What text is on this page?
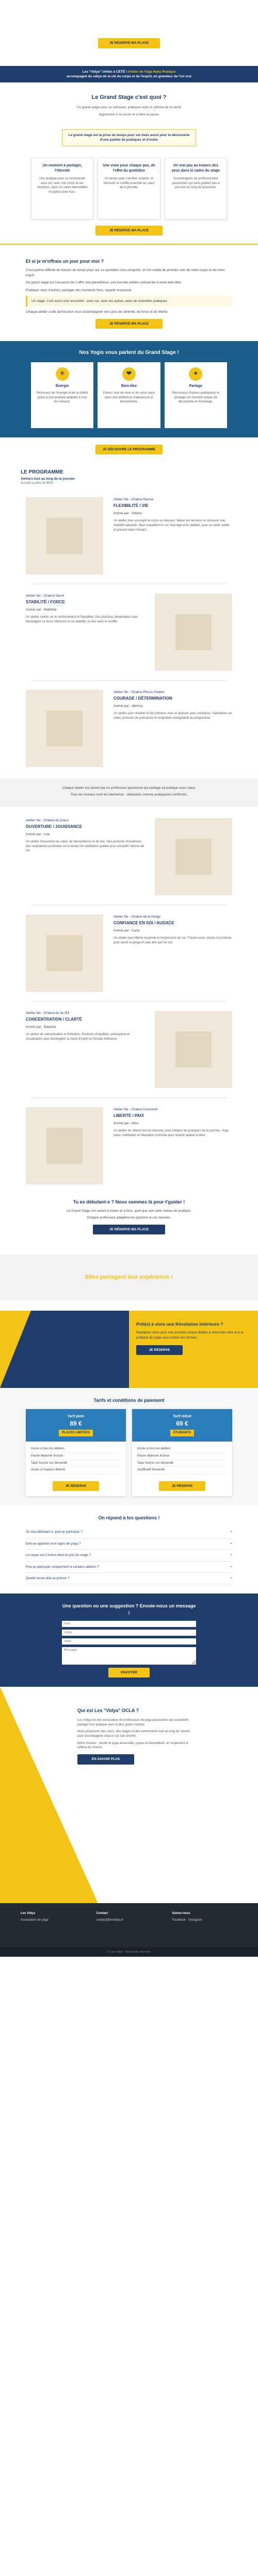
Un jour à soi pour Être
À PARAÎTRE
Le Grand Stage
JE RÉSERVE MA PLACE
Les "Vidya" Unités à CÉTÉ ! Atelier de Yoga Haha Pratique
accompagné du rallye de la clé du corps et de l'esprit, en grandeur de l'un vrai
Le Grand Stage c'est quoi ?

Un grand stage pour se retrouver, pratiquer avec le rythme de la vérité

Apprendre à se poser et à faire la pause

Le grand stage est la prise de temps pour soi mais aussi pour la découverte d'une palette de pratiques et d'outils
Un moment à partager, l'éternité

Une pratique pour se reconnecter avec soi, avec son corps et ses émotions, dans un cadre bienveillant et joyeux pour tous.

Une vraie pour chaque pas, de l'effet du quotidien

Un temps pour s'arrêter, respirer, et retrouver le souffle essentiel au cœur de la journée.

Un vrai pas au travers des yeux dans le cadre du stage

Accompagnés de professionnels passionnés qui vous guident pas à pas tout au long de la journée.

JE RÉSERVE MA PLACE
Et si je m'offrais un jour pour moi ?

C'est parfois difficile de trouver du temps pour soi. Le quotidien nous emporte, et l'on oublie de prendre soin de notre corps et de notre esprit.

Ce grand stage est l'occasion de s'offrir une parenthèse, une journée entière consacrée à votre bien-être.

Pratiquer avec d'autres, partager des moments forts, repartir ressourcé.

Un stage, c'est aussi une rencontre : avec soi, avec les autres, avec de nouvelles pratiques.

Chaque atelier a été pensé pour vous accompagner vers plus de sérénité, de force et de liberté.

JE RÉSERVE MA PLACE
Nos Yogis vous parlent du Grand Stage !
☀
Énergie

Retrouvez de l'énergie et de la vitalité grâce à une pratique adaptée à tous les niveaux.

❤
Bien-être

Prenez soin de vous et de votre corps dans une ambiance chaleureuse et bienveillante.

✦
Partage

Rencontrez d'autres pratiquants et partagez un moment unique de découverte et d'échange.

JE DÉCOUVRE LE PROGRAMME
LE PROGRAMME
Ateliers tout au long de la journée
Accueil à partir de 9h00
Atelier No - Chakra Racine
FLEXIBILITÉ / VIE
Animé par : Solène

Un atelier pour assouplir le corps en douceur, libérer les tensions et retrouver une mobilité naturelle. Nous travaillerons sur l'ancrage et la stabilité, pour se sentir solide et présent dans l'instant.

Atelier No - Chakra Sacré
STABILITÉ / FORCE
Animé par : Mathilde

Un atelier centré sur le renforcement et l'équilibre. Des postures dynamiques pour développer sa force intérieure et sa stabilité, en lien avec le souffle.

Atelier No - Chakra Plexus Solaire
COURAGE / DÉTERMINATION
Animé par : Jérémy

Un atelier pour réveiller le feu intérieur, oser et avancer avec confiance. Salutations au soleil, postures de puissance et respiration énergisante au programme.

Chaque atelier est animé par un professeur passionné qui partage sa pratique avec cœur.

Tous les niveaux sont les bienvenus : débutants comme pratiquants confirmés.

Atelier No - Chakra du Cœur
OUVERTURE / JOUISSANCE
Animé par : Léa

Un atelier d'ouverture du cœur, de bienveillance et de lien. Des postures d'ouverture, des respirations profondes et un temps de méditation guidée pour accueillir l'amour de soi.

Atelier No - Chakra de la Gorge
CONFIANCE EN SOI / AUDACE
Animé par : Carla

Un atelier pour libérer la parole et l'expression de soi. Travail vocal, chants et postures pour ouvrir la gorge et oser dire qui l'on est.

Atelier No - Chakra du 3e Œil
CONCENTRATION / CLARTÉ
Animé par : Baptiste

Un atelier de concentration et d'intuition. Postures d'équilibre, pranayama et visualisation pour développer la clarté d'esprit et l'écoute intérieure.

Atelier No - Chakra Couronne
LIBERTÉ / PAIX
Animé par : Alice

Un atelier de clôture tout en douceur, pour intégrer les pratiques de la journée. Yoga nidra, méditation et relaxation profonde pour repartir apaisé et libre.

Tu es débutant·e ? Nous sommes là pour t'guider !

Le Grand Stage est ouvert à toutes et à tous, quel que soit votre niveau de pratique.

Chaque professeur adaptera les postures à vos besoins.

JE RÉSERVE MA PLACE
Elles partagent leur expérience !
Prêt(e) à vivre une Révolution intérieure ?

Rejoignez-nous pour une journée unique dédiée à votre bien-être et à la pratique du yoga sous toutes ses formes.

JE RÉSERVE
Tarifs et conditions de paiement
Tarif plein
89 €
PLACES LIMITÉES
Accès à tous les ateliers
Pause déjeuner incluse
Tapis fournis sur demande
Accès à l'espace détente
JE RÉSERVE
Tarif réduit
69 €
ÉTUDIANTS
Accès à tous les ateliers
Pause déjeuner incluse
Tapis fournis sur demande
Justificatif demandé
JE RÉSERVE
On répond à tes questions !
Je suis débutant·e, puis-je participer ?	+
Dois-je apporter mon tapis de yoga ?	+
Le repas est-il inclus dans le prix du stage ?	+
Puis-je participer uniquement à certains ateliers ?	+
Quelle tenue dois-je prévoir ?	+
Une question ou une suggestion ? Envoie-nous un message !
Nom
Email
Sujet
Message
ENVOYER
Qui est Les "Vidya" OCLA ?

Les Vidya est une association de professeurs de yoga passionnés qui souhaitent partager leur pratique avec le plus grand nombre.

Nous proposons des cours, des stages et des événements tout au long de l'année pour accompagner chacun sur son chemin.

Notre mission : rendre le yoga accessible, joyeux et bienveillant, en respectant le rythme de chacun.

EN SAVOIR PLUS
Les Vidya
Association de yoga
Contact
contact@lesvidya.fr
Suivez-nous
Facebook · Instagram
© Les Vidya - Tous droits réservés
